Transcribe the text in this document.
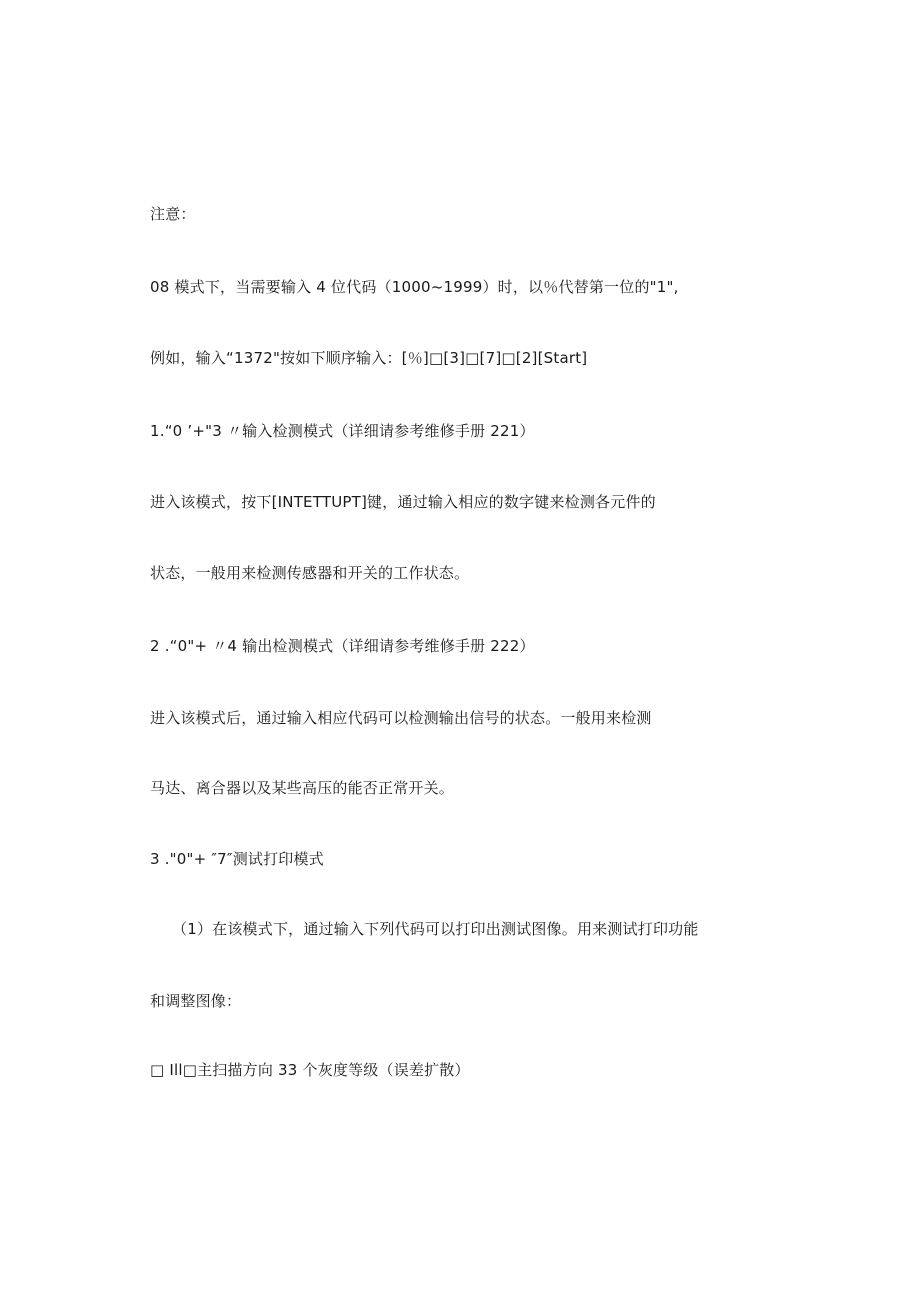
注意：
08 模式下，当需要输入 4 位代码（1000~1999）时，以％代替第一位的"1",
例如，输入“1372"按如下顺序输入：[％]□[3]□[7]□[2][Start]
1.“0 ’+"3 〃输入检测模式（详细请参考维修手册 221）
进入该模式，按下[INTETTUPT]键，通过输入相应的数字键来检测各元件的
状态，一般用来检测传感器和开关的工作状态。
2 .“0"+ 〃4 输出检测模式（详细请参考维修手册 222）
进入该模式后，通过输入相应代码可以检测输出信号的状态。一般用来检测
马达、离合器以及某些高压的能否正常开关。
3 ."0"+ ″7″测试打印模式
（1）在该模式下，通过输入下列代码可以打印出测试图像。用来测试打印功能
和调整图像：
□ Ill□主扫描方向 33 个灰度等级（误差扩散）
